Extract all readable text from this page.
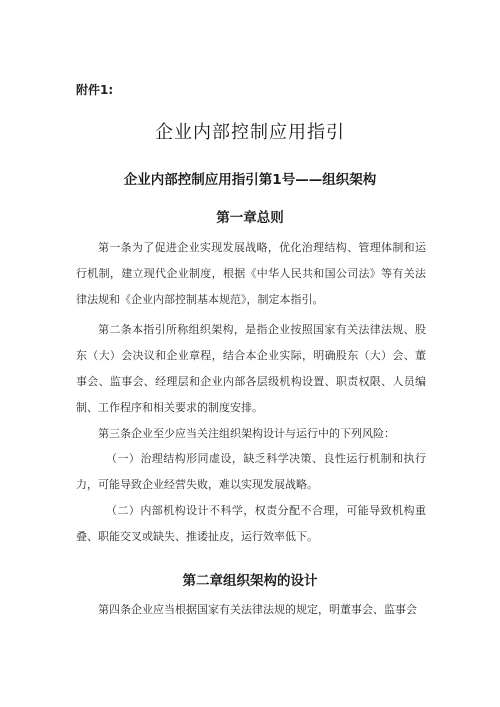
附件1:
企业内部控制应用指引
企业内部控制应用指引第1号——组织架构
第一章总则

第一条为了促进企业实现发展战略，优化治理结构、管理体制和运行机制，建立现代企业制度，根据《中华人民共和国公司法》等有关法律法规和《企业内部控制基本规范》，制定本指引。

第二条本指引所称组织架构，是指企业按照国家有关法律法规、股东（大）会决议和企业章程，结合本企业实际，明确股东（大）会、董事会、监事会、经理层和企业内部各层级机构设置、职责权限、人员编制、工作程序和相关要求的制度安排。

第三条企业至少应当关注组织架构设计与运行中的下列风险：

（一）治理结构形同虚设，缺乏科学决策、良性运行机制和执行力，可能导致企业经营失败，难以实现发展战略。

（二）内部机构设计不科学，权责分配不合理，可能导致机构重叠、职能交叉或缺失、推诿扯皮，运行效率低下。

第二章组织架构的设计

第四条企业应当根据国家有关法律法规的规定，明董事会、监事会
